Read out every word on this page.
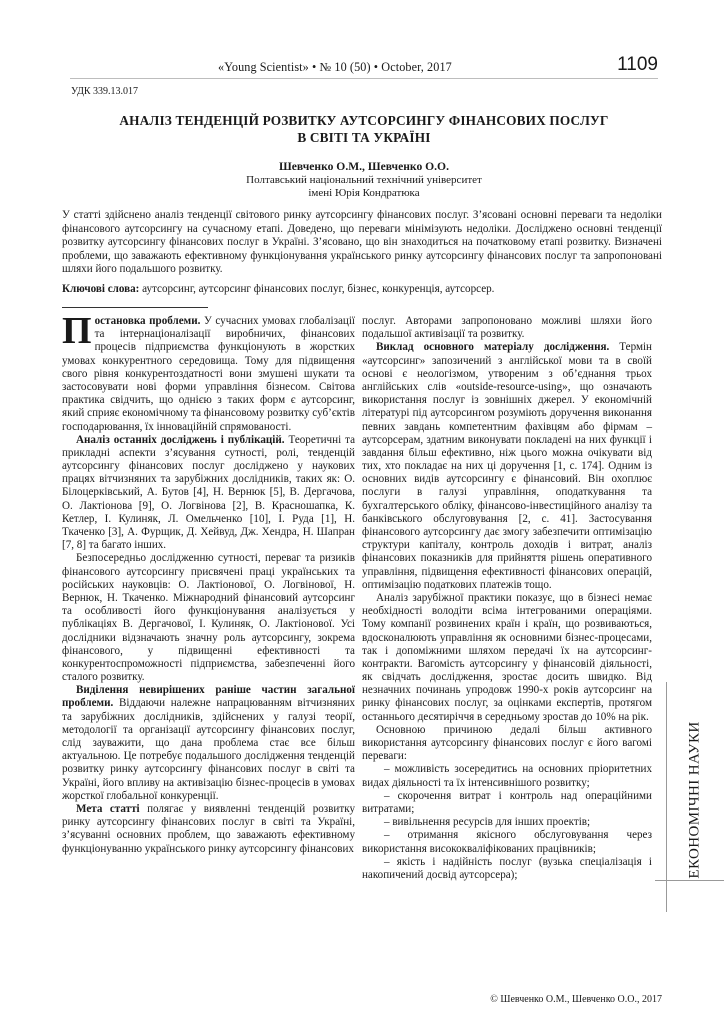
«Young Scientist» • № 10 (50) • October, 2017	1109
УДК 339.13.017
АНАЛІЗ ТЕНДЕНЦІЙ РОЗВИТКУ АУТСОРСИНГУ ФІНАНСОВИХ ПОСЛУГ
В СВІТІ ТА УКРАЇНІ
Шевченко О.М., Шевченко О.О.
Полтавський національний технічний університет
імені Юрія Кондратюка
У статті здійснено аналіз тенденції світового ринку аутсорсингу фінансових послуг. З’ясовані основні переваги та недоліки фінансового аутсорсингу на сучасному етапі. Доведено, що переваги мінімізують недоліки. Досліджено основні тенденції розвитку аутсорсингу фінансових послуг в Україні. З’ясовано, що він знаходиться на початковому етапі розвитку. Визначені проблеми, що заважають ефективному функціонування українського ринку аутсорсингу фінансових послуг та запропоновані шляхи його подальшого розвитку.
Ключові слова: аутсорсинг, аутсорсинг фінансових послуг, бізнес, конкуренція, аутсорсер.

Постановка проблеми. У сучасних умовах глобалізації та інтернаціоналізації виробничих, фінансових процесів підприємства функціонують в жорстких умовах конкурентного середовища. Тому для підвищення свого рівня конкурентоздатності вони змушені шукати та застосовувати нові форми управління бізнесом. Світова практика свідчить, що однією з таких форм є аутсорсинг, який сприяє економічному та фінансовому розвитку суб’єктів господарювання, їх інноваційній спрямованості.

Аналіз останніх досліджень і публікацій. Теоретичні та прикладні аспекти з’ясування сутності, ролі, тенденцій аутсорсингу фінансових послуг досліджено у наукових працях вітчизняних та зарубіжних дослідників, таких як: О. Білоцерківський, А. Бутов [4], Н. Вернюк [5], В. Дергачова, О. Лактіонова [9], О. Логвінова [2], В. Красношапка, К. Кетлер, І. Кулиняк, Л. Омельченко [10], І. Руда [1], Н. Ткаченко [3], А. Фурщик, Д. Хейвуд, Дж. Хендра, Н. Шапран [7, 8] та багато інших.

Безпосередньо дослідженню сутності, переваг та ризиків фінансового аутсорсингу присвячені праці українських та російських науковців: О. Лактіонової, О. Логвінової, Н. Вернюк, Н. Ткаченко. Міжнародний фінансовий аутсорсинг та особливості його функціонування аналізується у публікаціях В. Дергачової, І. Кулиняк, О. Лактіонової. Усі дослідники відзначають значну роль аутсорсингу, зокрема фінансового, у підвищенні ефективності та конкурентоспроможності підприємства, забезпеченні його сталого розвитку.

Виділення невирішених раніше частин загальної проблеми. Віддаючи належне напрацюванням вітчизняних та зарубіжних дослідників, здійснених у галузі теорії, методології та організації аутсорсингу фінансових послуг, слід зауважити, що дана проблема стає все більш актуальною. Це потребує подальшого дослідження тенденцій розвитку ринку аутсорсингу фінансових послуг в світі та Україні, його впливу на активізацію бізнес-процесів в умовах жорсткої глобальної конкуренції.

Мета статті полягає у виявленні тенденцій розвитку ринку аутсорсингу фінансових послуг в світі та Україні, з’ясуванні основних проблем, що заважають ефективному функціонуванню українського ринку аутсорсингу фінансових

послуг. Авторами запропоновано можливі шляхи його подальшої активізації та розвитку.

Виклад основного матеріалу дослідження. Термін «аутсорсинг» запозичений з англійської мови та в своїй основі є неологізмом, утвореним з об’єднання трьох англійських слів «outside-resource-using», що означають використання послуг із зовнішніх джерел. У економічній літературі під аутсорсингом розуміють доручення виконання певних завдань компетентним фахівцям або фірмам – аутсорсерам, здатним виконувати покладені на них функції і завдання більш ефективно, ніж цього можна очікувати від тих, хто покладає на них ці доручення [1, с. 174]. Одним із основних видів аутсорсингу є фінансовий. Він охоплює послуги в галузі управління, оподаткування та бухгалтерського обліку, фінансово-інвестиційного аналізу та банківського обслуговування [2, с. 41]. Застосування фінансового аутсорсингу дає змогу забезпечити оптимізацію структури капіталу, контроль доходів і витрат, аналіз фінансових показників для прийняття рішень оперативного управління, підвищення ефективності фінансових операцій, оптимізацію податкових платежів тощо.

Аналіз зарубіжної практики показує, що в бізнесі немає необхідності володіти всіма інтегрованими операціями. Тому компанії розвинених країн і країн, що розвиваються, вдосконалюють управління як основними бізнес-процесами, так і допоміжними шляхом передачі їх на аутсорсинг-контракти. Вагомість аутсорсингу у фінансовій діяльності, як свідчать дослідження, зростає досить швидко. Від незначних починань упродовж 1990-х років аутсорсинг на ринку фінансових послуг, за оцінками експертів, протягом останнього десятиріччя в середньому зростав до 10% на рік.

Основною причиною дедалі більш активного використання аутсорсингу фінансових послуг є його вагомі переваги:

– можливість зосередитись на основних пріоритетних видах діяльності та їх інтенсивнішого розвитку;

– скорочення витрат і контроль над операційними витратами;

– вивільнення ресурсів для інших проектів;

– отримання якісного обслуговування через використання висококваліфікованих працівників;

– якість і надійність послуг (вузька спеціалізація і накопичений досвід аутсорсера);	ЕКОНОМІЧНІ НАУКИ
© Шевченко О.М., Шевченко О.О., 2017
